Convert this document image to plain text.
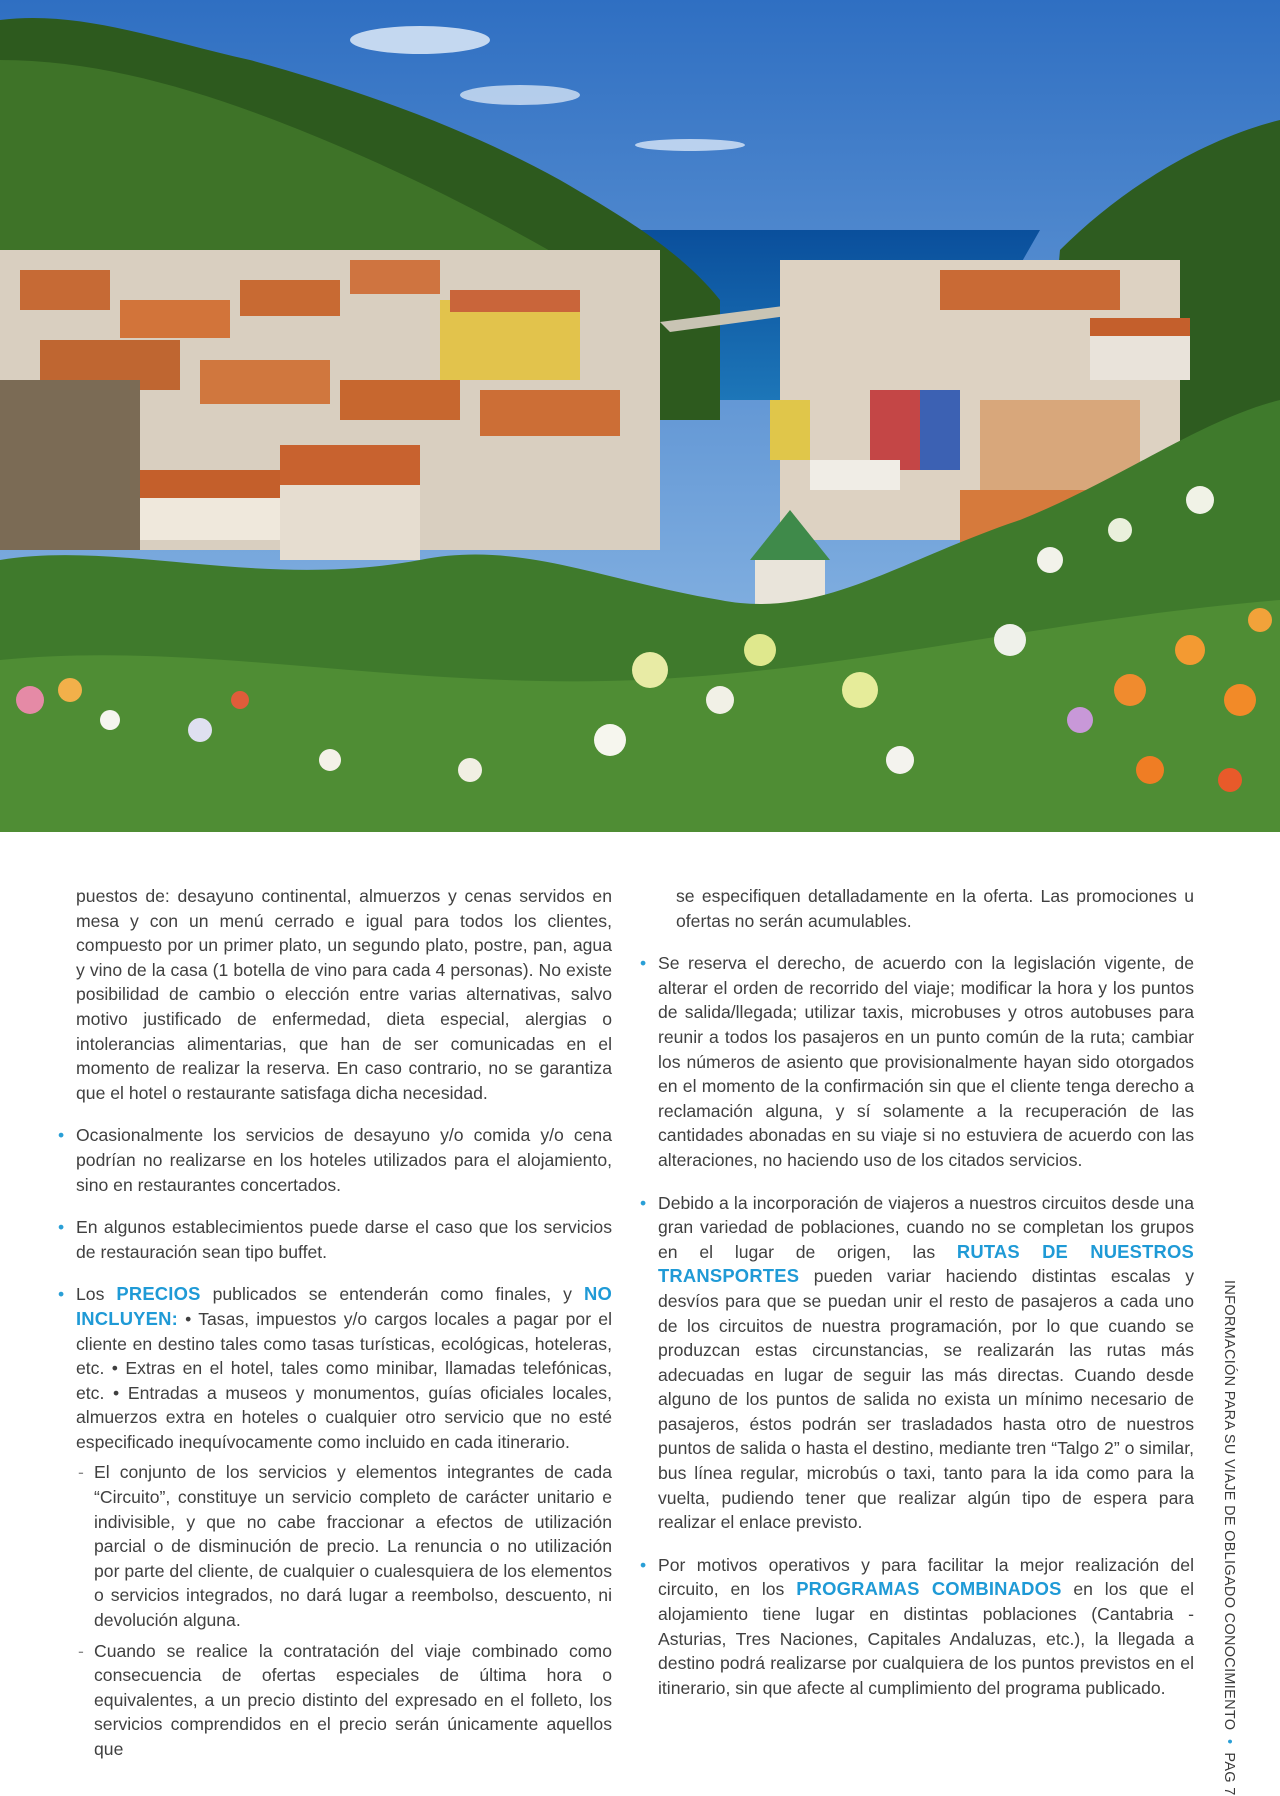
puestos de: desayuno continental, almuerzos y cenas servidos en mesa y con un menú cerrado e igual para todos los clientes, compuesto por un primer plato, un segundo plato, postre, pan, agua y vino de la casa (1 botella de vino para cada 4 personas). No existe posibilidad de cambio o elección entre varias alternativas, salvo motivo justificado de enfermedad, dieta especial, alergias o intolerancias alimentarias, que han de ser comunicadas en el momento de realizar la reserva. En caso contrario, no se garantiza que el hotel o restaurante satisfaga dicha necesidad.

• Ocasionalmente los servicios de desayuno y/o comida y/o cena podrían no realizarse en los hoteles utilizados para el alojamiento, sino en restaurantes concertados.

• En algunos establecimientos puede darse el caso que los servicios de restauración sean tipo buffet.

• Los PRECIOS publicados se entenderán como finales, y NO INCLUYEN: • Tasas, impuestos y/o cargos locales a pagar por el cliente en destino tales como tasas turísticas, ecológicas, hoteleras, etc. • Extras en el hotel, tales como minibar, llamadas telefónicas, etc. • Entradas a museos y monumentos, guías oficiales locales, almuerzos extra en hoteles o cualquier otro servicio que no esté especificado inequívocamente como incluido en cada itinerario.

- El conjunto de los servicios y elementos integrantes de cada “Circuito”, constituye un servicio completo de carácter unitario e indivisible, y que no cabe fraccionar a efectos de utilización parcial o de disminución de precio. La renuncia o no utilización por parte del cliente, de cualquier o cualesquiera de los elementos o servicios integrados, no dará lugar a reembolso, descuento, ni devolución alguna.

- Cuando se realice la contratación del viaje combinado como consecuencia de ofertas especiales de última hora o equivalentes, a un precio distinto del expresado en el folleto, los servicios comprendidos en el precio serán únicamente aquellos que

se especifiquen detalladamente en la oferta. Las promociones u ofertas no serán acumulables.

• Se reserva el derecho, de acuerdo con la legislación vigente, de alterar el orden de recorrido del viaje; modificar la hora y los puntos de salida/llegada; utilizar taxis, microbuses y otros autobuses para reunir a todos los pasajeros en un punto común de la ruta; cambiar los números de asiento que provisionalmente hayan sido otorgados en el momento de la confirmación sin que el cliente tenga derecho a reclamación alguna, y sí solamente a la recuperación de las cantidades abonadas en su viaje si no estuviera de acuerdo con las alteraciones, no haciendo uso de los citados servicios.

• Debido a la incorporación de viajeros a nuestros circuitos desde una gran variedad de poblaciones, cuando no se completan los grupos en el lugar de origen, las RUTAS DE NUESTROS TRANSPORTES pueden variar haciendo distintas escalas y desvíos para que se puedan unir el resto de pasajeros a cada uno de los circuitos de nuestra programación, por lo que cuando se produzcan estas circunstancias, se realizarán las rutas más adecuadas en lugar de seguir las más directas. Cuando desde alguno de los puntos de salida no exista un mínimo necesario de pasajeros, éstos podrán ser trasladados hasta otro de nuestros puntos de salida o hasta el destino, mediante tren “Talgo 2” o similar, bus línea regular, microbús o taxi, tanto para la ida como para la vuelta, pudiendo tener que realizar algún tipo de espera para realizar el enlace previsto.

• Por motivos operativos y para facilitar la mejor realización del circuito, en los PROGRAMAS COMBINADOS en los que el alojamiento tiene lugar en distintas poblaciones (Cantabria - Asturias, Tres Naciones, Capitales Andaluzas, etc.), la llegada a destino podrá realizarse por cualquiera de los puntos previstos en el itinerario, sin que afecte al cumplimiento del programa publicado.	INFORMACIÓN PARA SU VIAJE DE OBLIGADO CONOCIMIENTO • PAG 7
